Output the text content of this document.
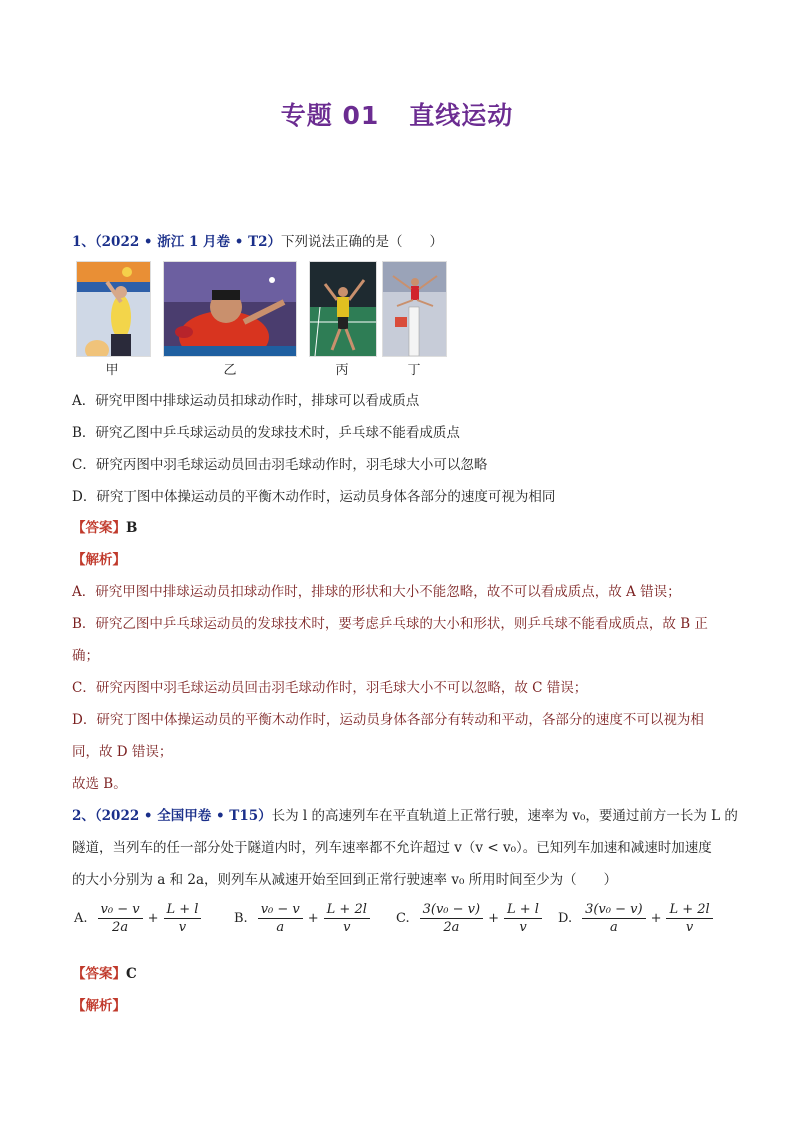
专题 01 直线运动
1、（2022 • 浙江 1 月卷 • T2）下列说法正确的是（　　）
甲	乙	丙	丁
A．研究甲图中排球运动员扣球动作时，排球可以看成质点
B．研究乙图中乒乓球运动员的发球技术时，乒乓球不能看成质点
C．研究丙图中羽毛球运动员回击羽毛球动作时，羽毛球大小可以忽略
D．研究丁图中体操运动员的平衡木动作时，运动员身体各部分的速度可视为相同
【答案】B
【解析】
A．研究甲图中排球运动员扣球动作时，排球的形状和大小不能忽略，故不可以看成质点，故 A 错误；
B．研究乙图中乒乓球运动员的发球技术时，要考虑乒乓球的大小和形状，则乒乓球不能看成质点，故 B 正
确；
C．研究丙图中羽毛球运动员回击羽毛球动作时，羽毛球大小不可以忽略，故 C 错误；
D．研究丁图中体操运动员的平衡木动作时，运动员身体各部分有转动和平动，各部分的速度不可以视为相
同，故 D 错误；
故选 B。
2、（2022 • 全国甲卷 • T15）长为 l 的高速列车在平直轨道上正常行驶，速率为 v₀，要通过前方一长为 L 的
隧道，当列车的任一部分处于隧道内时，列车速率都不允许超过 v（v < v₀）。已知列车加速和减速时加速度
的大小分别为 a 和 2a，则列车从减速开始至回到正常行驶速率 v₀ 所用时间至少为（　　）
A. $\frac{\text{v₀ − v}}{2a} + \frac{L + l}{v}$	B. $\frac{\text{v₀ − v}}{a} + \frac{L + 2l}{v} C$. $\frac{\text{3(v₀ − v)}}{2a} + \frac{L + l}{v} D$. $\frac{\text{3(v₀ − v)}}{a} + \frac{L + 2l}{v}$
【答案】C
【解析】
